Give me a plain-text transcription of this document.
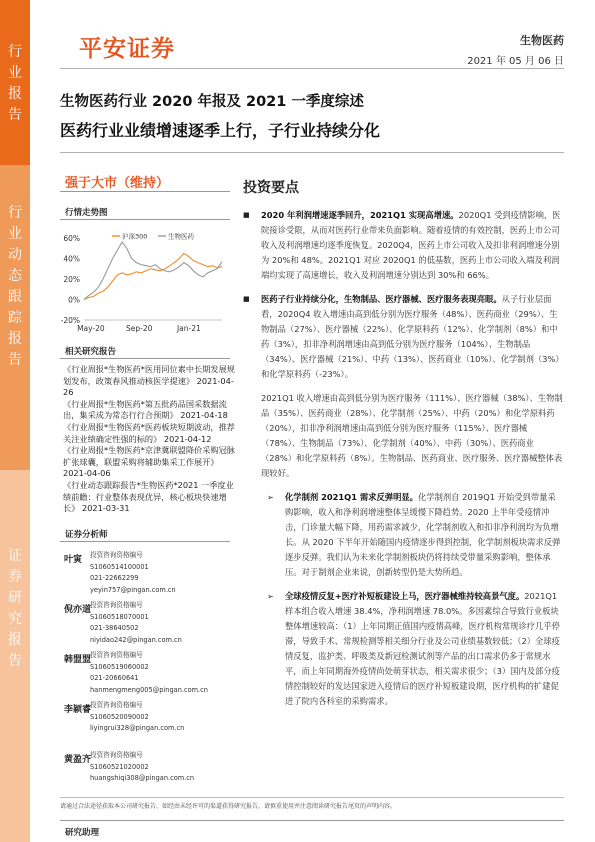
行
业
报
告
行
业
动
态
跟
踪
报
告
证
券
研
究
报
告
平安证券	生物医药
2021 年 05 月 06 日
生物医药行业 2020 年报及 2021 一季度综述
医药行业业绩增速逐季上行，子行业持续分化
强于大市（维持）
行情走势图
60%
40%
20%
0%
-20%
May-20	Sep-20	Jan-21
沪深300	生物医药
相关研究报告
《行业周报*生物医药*医用同位素中长期发展规划发布，政策春风推动核医学提速》 2021-04-26
《行业周报*生物医药*第五批药品国采数据流出，集采成为常态行行合预期》 2021-04-18
《行业周报*生物医药*医药板块短期波动，推荐关注业绩确定性强的标的》 2021-04-12
《行业周报*生物医药*京津冀联盟降价采购冠脉扩张球囊，联盟采购将辅助集采工作展开》 2021-04-06
《行业动态跟踪报告*生物医药*2021 一季度业绩前瞻：行业整体表现优异，核心板块快速增长》 2021-03-31
证券分析师
叶寅 投资咨询资格编号
S1060514100001
021-22662299
yeyin757@pingan.com.cn
倪亦道
投资咨询资格编号
S1060518070001
021-38640502
niyidao242@pingan.com.cn
韩盟盟
投资咨询资格编号
S1060519060002
021-20660641
hanmengmeng005@pingan.com.cn
李颖睿
投资咨询资格编号
S1060520090002
liyingrui328@pingan.com.cn
黄盈齐
投资咨询资格编号
S1060521020002
huangshiqi308@pingan.com.cn
投资要点
■ 2020 年利润增速逐季回升，2021Q1 实现高增速。2020Q1 受到疫情影响，医院接诊受限，从而对医药行业带来负面影响。随着疫情的有效控制，医药上市公司收入及利润增速均逐季度恢复。2020Q4，医药上市公司收入及扣非利润增速分别为 20%和 48%。2021Q1 对应 2020Q1 的低基数，医药上市公司收入端及利润端均实现了高速增长，收入及利润增速分别达到 30%和 66%。
■ 医药子行业持续分化，生物制品、医疗器械、医疗服务表现亮眼。从子行业层面看，2020Q4 收入增速由高到低分别为医疗服务（48%）、医药商业（29%）、生物制品（27%）、医疗器械（22%）、化学原料药（12%）、化学制剂（8%）和中药（3%），扣非净利润增速由高到低分别为医疗服务（104%）、生物制品（34%）、医疗器械（21%）、中药（13%）、医药商业（10%）、化学制剂（3%）和化学原料药（-23%）。
2021Q1 收入增速由高到低分别为医疗服务（111%）、医疗器械（38%）、生物制品（35%）、医药商业（28%）、化学制剂（25%）、中药（20%）和化学原料药（20%），扣非净利润增速由高到低分别为医疗服务（115%）、医疗器械（78%）、生物制品（73%）、化学制剂（40%）、中药（30%）、医药商业（28%）和化学原料药（8%）。生物制品、医药商业、医疗服务、医疗器械整体表现较好。
➢ 化学制剂 2021Q1 需求反弹明显。化学制剂自 2019Q1 开始受到带量采购影响，收入和净利润增速整体呈缓慢下降趋势。2020 上半年受疫情冲击，门诊量大幅下降，用药需求减少，化学制剂收入和扣非净利润均为负增长。从 2020 下半年开始随国内疫情逐步得到控制，化学制剂板块需求反弹逐步反弹。我们认为未来化学制剂板块仍将持续受带量采购影响，整体承压。对于制剂企业来说，创新转型仍是大势所趋。
➢ 全球疫情反复+医疗补短板建设上马，医疗器械维持较高景气度。2021Q1 样本组合收入增速 38.4%，净利润增速 78.0%。多因素综合导致行业板块整体增速较高：（1）上年同期正值国内疫情高峰，医疗机构常规诊疗几乎停滞，导致手术、常规检测等相关细分行业及公司业绩基数较低；（2）全球疫情反复，监护类、呼吸类及新冠检测试剂等产品的出口需求仍多于常规水平，而上年同期海外疫情尚处萌芽状态，相关需求很少；（3）国内及部分疫情控制较好的发达国家进入疫情后的医疗补短板建设期，医疗机构的扩建促进了院内各科室的采购需求。
请通过合法途径获取本公司研究报告，如经由未经许可的渠道获得研究报告，请慎重使用并注意阅读研究报告尾页的声明内容。
研究助理
